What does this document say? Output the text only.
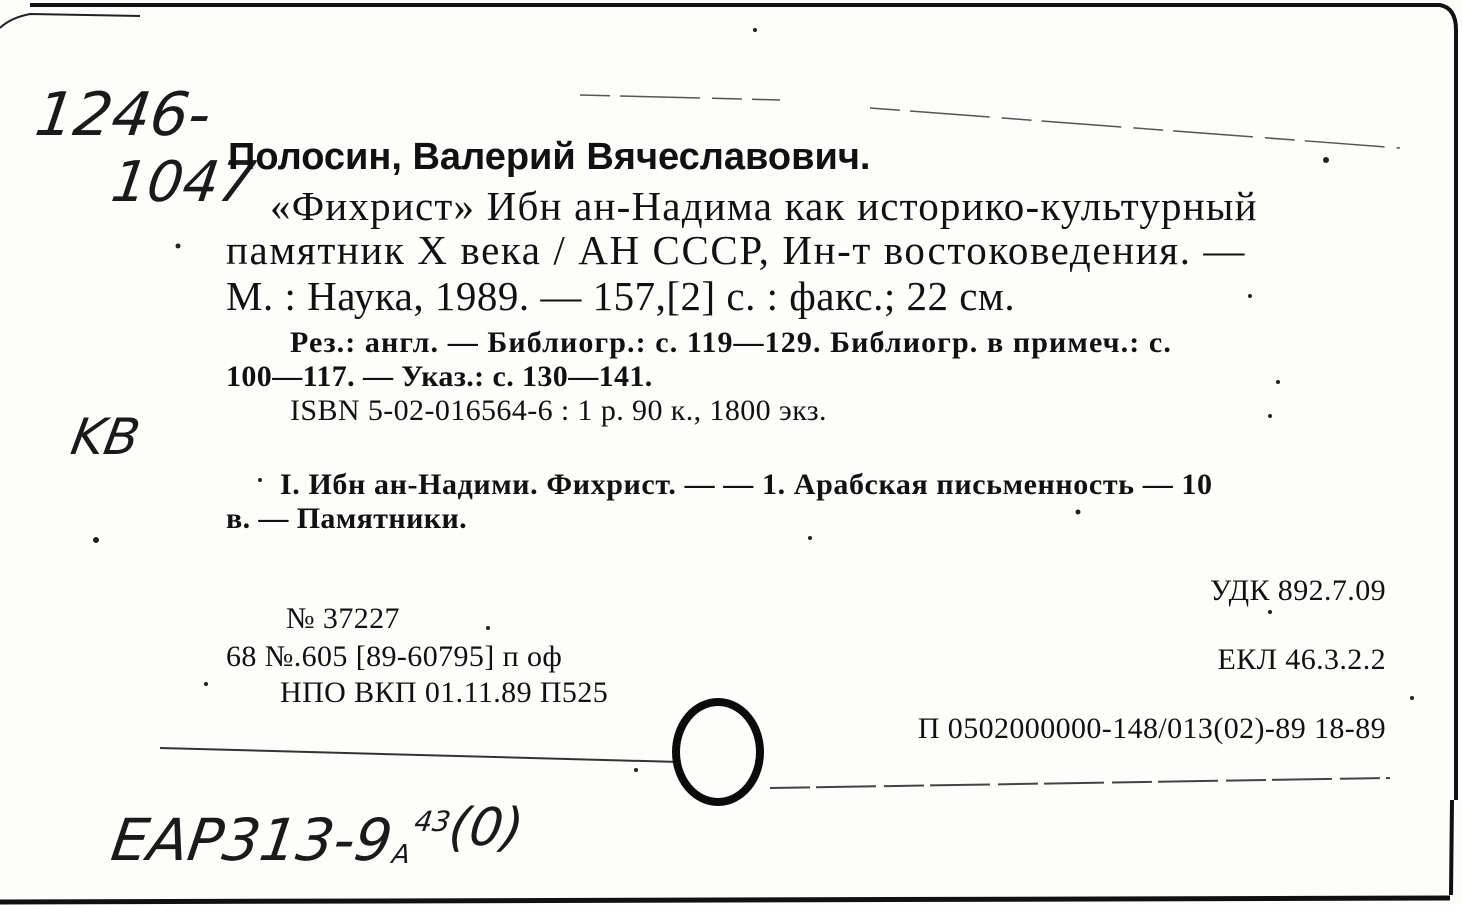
1246-
1047
KB
Полосин, Валерий Вячеславович.
«Фихрист» Ибн ан-Надима как историко-культурный
памятник X века / АН СССР, Ин-т востоковедения. —
М. : Наука, 1989. — 157,[2] с. : факс.; 22 см.
Рез.: англ. — Библиогр.: с. 119—129. Библиогр. в примеч.: с.
100—117. — Указ.: с. 130—141.
ISBN 5-02-016564-6 : 1 р. 90 к., 1800 экз.
I. Ибн ан-Надими. Фихрист. — — 1. Арабская письменность — 10
в. — Памятники.
УДК 892.7.09
ЕКЛ 46.3.2.2
П 0502000000-148/013(02)-89 18-89
№ 37227
68 №.605 [89-60795] п оф
НПО ВКП 01.11.89 П525
EAP313-9
$_A^{43}$(0)
